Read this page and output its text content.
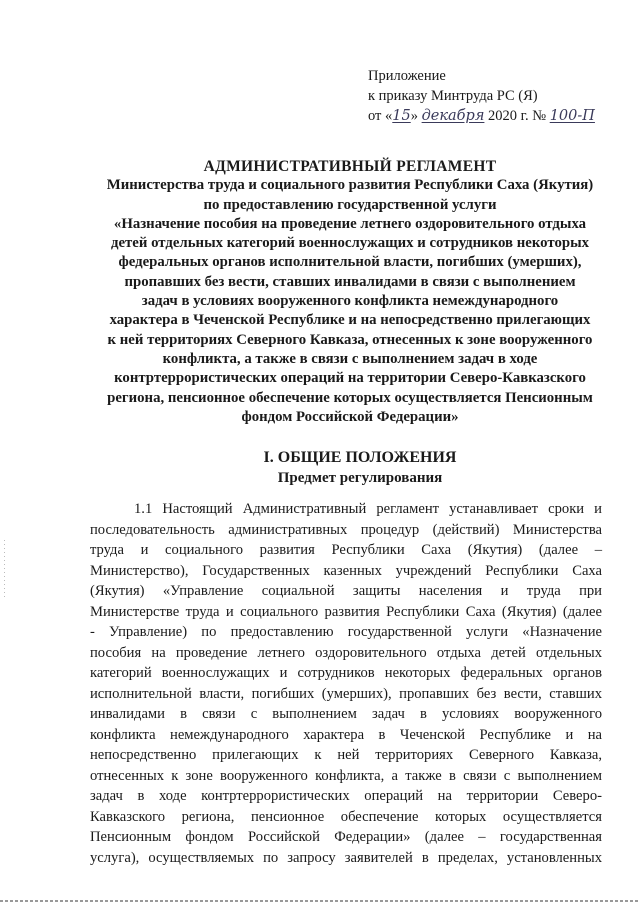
Приложение
к приказу Минтруда РС (Я)
от «15» декабря 2020 г. № 100-П
АДМИНИСТРАТИВНЫЙ РЕГЛАМЕНТ
Министерства труда и социального развития Республики Саха (Якутия)
по предоставлению государственной услуги
«Назначение пособия на проведение летнего оздоровительного отдыха
детей отдельных категорий военнослужащих и сотрудников некоторых
федеральных органов исполнительной власти, погибших (умерших),
пропавших без вести, ставших инвалидами в связи с выполнением
задач в условиях вооруженного конфликта немеждународного
характера в Чеченской Республике и на непосредственно прилегающих
к ней территориях Северного Кавказа, отнесенных к зоне вооруженного
конфликта, а также в связи с выполнением задач в ходе
контртеррористических операций на территории Северо-Кавказского
региона, пенсионное обеспечение которых осуществляется Пенсионным
фондом Российской Федерации»
I. ОБЩИЕ ПОЛОЖЕНИЯ
Предмет регулирования
1.1 Настоящий Административный регламент устанавливает сроки и
последовательность административных процедур (действий) Министерства
труда и социального развития Республики Саха (Якутия) (далее –
Министерство), Государственных казенных учреждений Республики Саха
(Якутия) «Управление социальной защиты населения и труда при
Министерстве труда и социального развития Республики Саха (Якутия) (далее
- Управление) по предоставлению государственной услуги «Назначение
пособия на проведение летнего оздоровительного отдыха детей отдельных
категорий военнослужащих и сотрудников некоторых федеральных органов
исполнительной власти, погибших (умерших), пропавших без вести, ставших
инвалидами в связи с выполнением задач в условиях вооруженного
конфликта немеждународного характера в Чеченской Республике и на
непосредственно прилегающих к ней территориях Северного Кавказа,
отнесенных к зоне вооруженного конфликта, а также в связи с выполнением
задач в ходе контртеррористических операций на территории Северо-
Кавказского региона, пенсионное обеспечение которых осуществляется
Пенсионным фондом Российской Федерации» (далее – государственная
услуга), осуществляемых по запросу заявителей в пределах, установленных
